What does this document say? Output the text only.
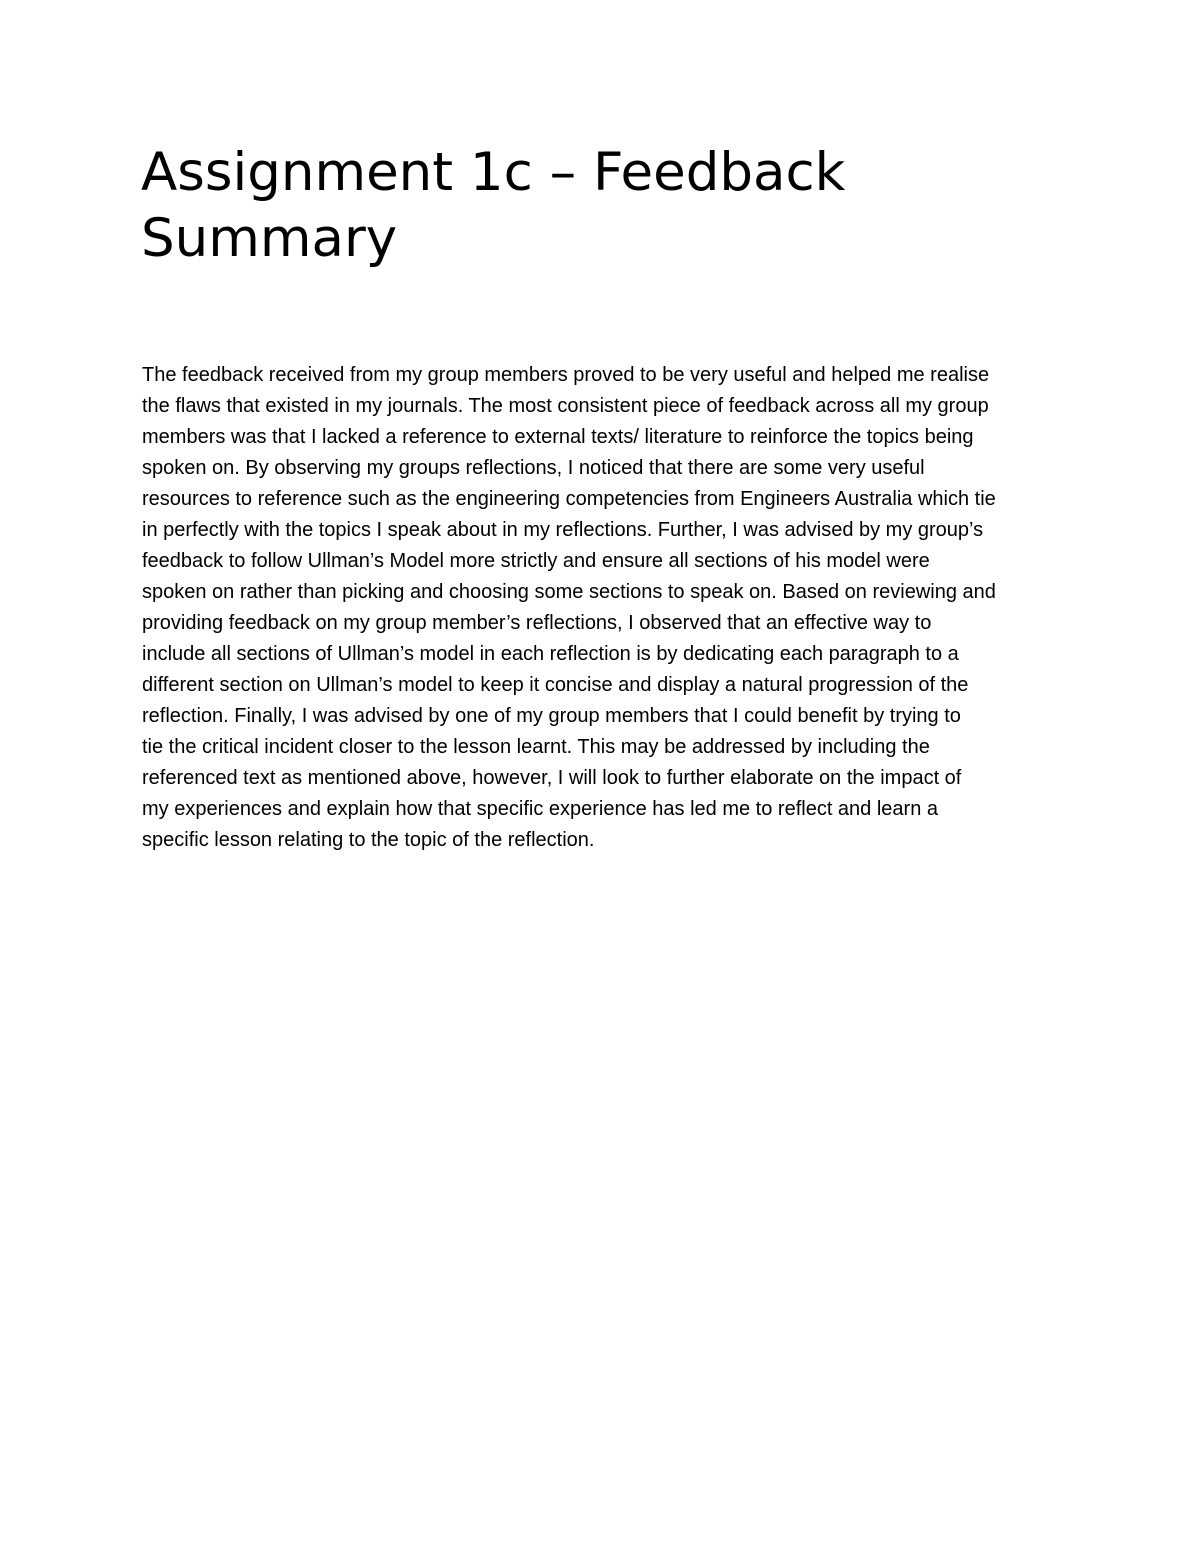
Assignment 1c – Feedback
Summary

The feedback received from my group members proved to be very useful and helped me realise
the flaws that existed in my journals. The most consistent piece of feedback across all my group
members was that I lacked a reference to external texts/ literature to reinforce the topics being
spoken on. By observing my groups reflections, I noticed that there are some very useful
resources to reference such as the engineering competencies from Engineers Australia which tie
in perfectly with the topics I speak about in my reflections. Further, I was advised by my group’s
feedback to follow Ullman’s Model more strictly and ensure all sections of his model were
spoken on rather than picking and choosing some sections to speak on. Based on reviewing and
providing feedback on my group member’s reflections, I observed that an effective way to
include all sections of Ullman’s model in each reflection is by dedicating each paragraph to a
different section on Ullman’s model to keep it concise and display a natural progression of the
reflection. Finally, I was advised by one of my group members that I could benefit by trying to
tie the critical incident closer to the lesson learnt. This may be addressed by including the
referenced text as mentioned above, however, I will look to further elaborate on the impact of
my experiences and explain how that specific experience has led me to reflect and learn a
specific lesson relating to the topic of the reflection.
